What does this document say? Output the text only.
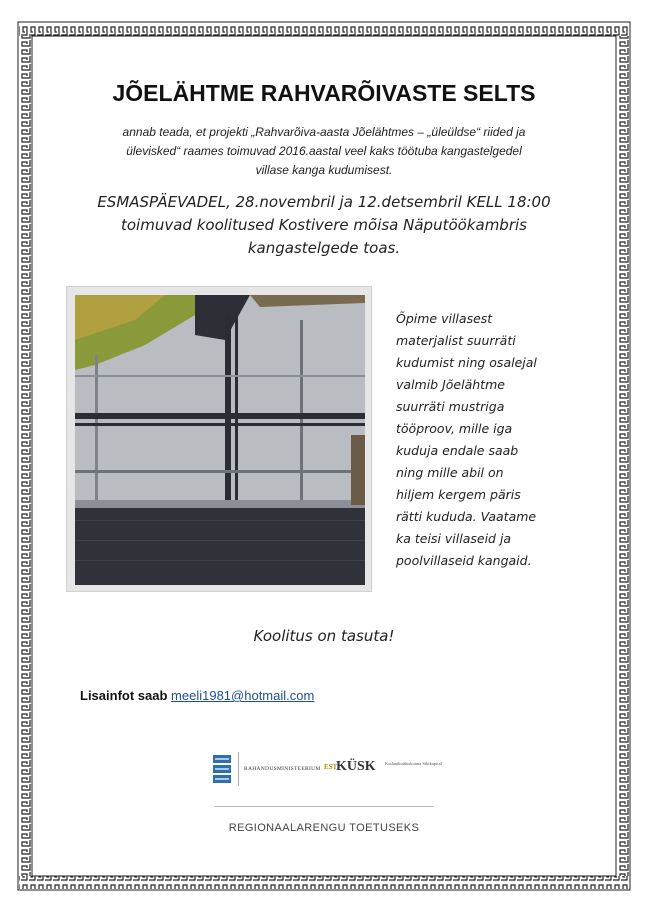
JÕELÄHTME RAHVARÕIVASTE SELTS
annab teada, et projekti „Rahvarõiva-aasta Jõelähtmes – „üleüldse“ riided ja
ülevisked“ raames toimuvad 2016.aastal veel kaks töötuba kangastelgedel
villase kanga kudumisest.
ESMASPÄEVADEL, 28.novembril ja 12.detsembril KELL 18:00
toimuvad koolitused Kostivere mõisa Näputöökambris
kangastelgede toas.
Õpime villasest
materjalist suurräti
kudumist ning osalejal
valmib Jõelähtme
suurräti mustriga
tööproov, mille iga
kuduja endale saab
ning mille abil on
hiljem kergem päris
rätti kududa. Vaatame
ka teisi villaseid ja
poolvillaseid kangaid.
Koolitus on tasuta!
Lisainfot saab meeli1981@hotmail.com
RAHANDUSMINISTEERIUM EST
KÜSK Kodanikuühiskonna Sihtkapital
REGIONAALARENGU TOETUSEKS
